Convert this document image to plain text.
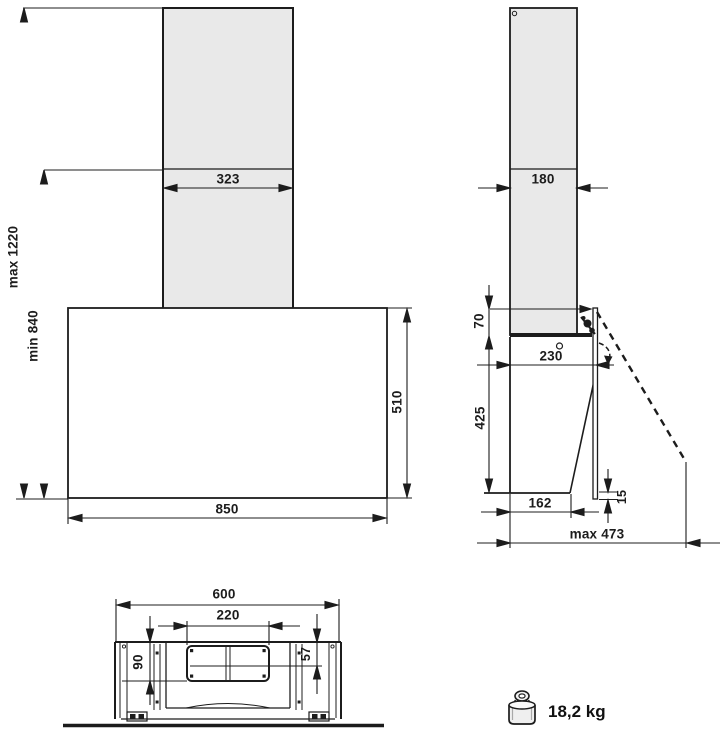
323
max 1220
min 840
510
850
180
70
230
425
162	15
max 473
600
220
90
57
18,2 kg
